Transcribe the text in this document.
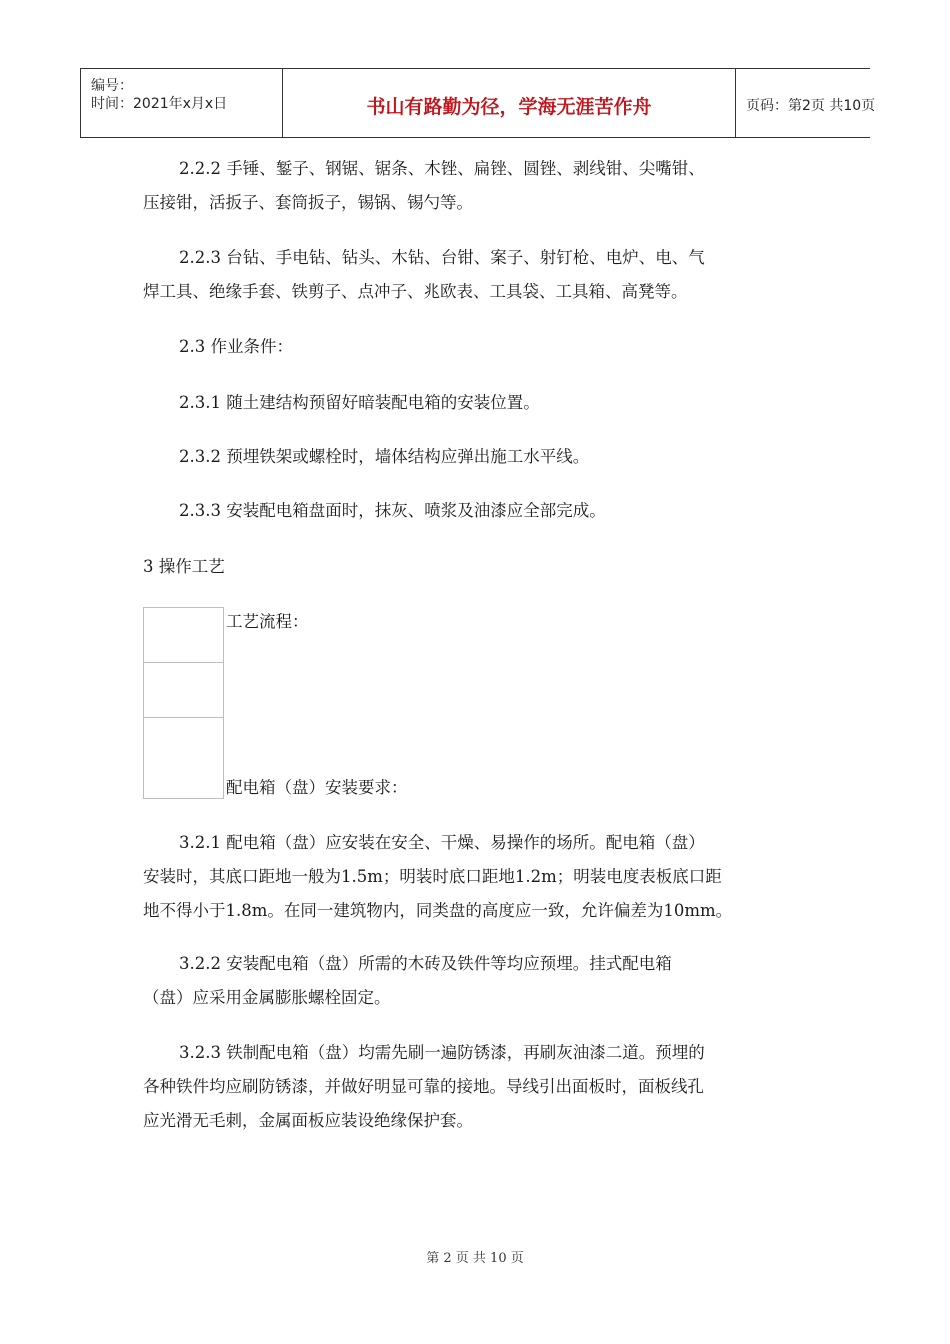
编号：
时间：2021年x月x日	书山有路勤为径，学海无涯苦作舟	页码：第2页 共10页
2.2.2 手锤、錾子、钢锯、锯条、木锉、扁锉、圆锉、剥线钳、尖嘴钳、
压接钳，活扳子、套筒扳子，锡锅、锡勺等。
2.2.3 台钻、手电钻、钻头、木钻、台钳、案子、射钉枪、电炉、电、气
焊工具、绝缘手套、铁剪子、点冲子、兆欧表、工具袋、工具箱、高凳等。
2.3 作业条件：
2.3.1 随土建结构预留好暗装配电箱的安装位置。
2.3.2 预埋铁架或螺栓时，墙体结构应弹出施工水平线。
2.3.3 安装配电箱盘面时，抹灰、喷浆及油漆应全部完成。
3 操作工艺
工艺流程：
配电箱（盘）安装要求：
3.2.1 配电箱（盘）应安装在安全、干燥、易操作的场所。配电箱（盘）
安装时，其底口距地一般为1.5m；明装时底口距地1.2m；明装电度表板底口距
地不得小于1.8m。在同一建筑物内，同类盘的高度应一致，允许偏差为10mm。
3.2.2 安装配电箱（盘）所需的木砖及铁件等均应预埋。挂式配电箱
（盘）应采用金属膨胀螺栓固定。
3.2.3 铁制配电箱（盘）均需先刷一遍防锈漆，再刷灰油漆二道。预埋的
各种铁件均应刷防锈漆，并做好明显可靠的接地。导线引出面板时，面板线孔
应光滑无毛刺，金属面板应装设绝缘保护套。
第 2 页 共 10 页
